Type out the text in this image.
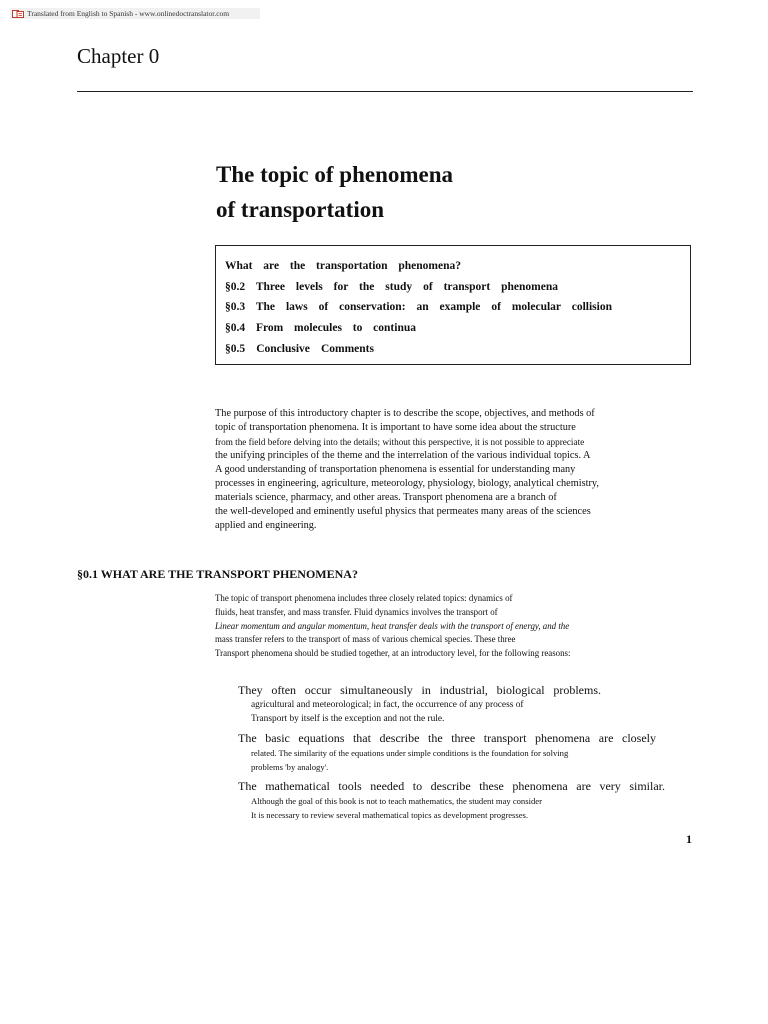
Translated from English to Spanish - www.onlinedoctranslator.com
Chapter 0
The topic of phenomena
of transportation
What are the transportation phenomena?
§0.2 Three levels for the study of transport phenomena
§0.3 The laws of conservation: an example of molecular collision
§0.4 From molecules to continua
§0.5 Conclusive Comments
The purpose of this introductory chapter is to describe the scope, objectives, and methods of
topic of transportation phenomena. It is important to have some idea about the structure
from the field before delving into the details; without this perspective, it is not possible to appreciate
the unifying principles of the theme and the interrelation of the various individual topics. A
A good understanding of transportation phenomena is essential for understanding many
processes in engineering, agriculture, meteorology, physiology, biology, analytical chemistry,
materials science, pharmacy, and other areas. Transport phenomena are a branch of
the well-developed and eminently useful physics that permeates many areas of the sciences
applied and engineering.
§0.1 WHAT ARE THE TRANSPORT PHENOMENA?
The topic of transport phenomena includes three closely related topics: dynamics of
fluids, heat transfer, and mass transfer. Fluid dynamics involves the transport of
Linear momentum and angular momentum, heat transfer deals with the transport of energy, and the
mass transfer refers to the transport of mass of various chemical species. These three
Transport phenomena should be studied together, at an introductory level, for the following reasons:
They often occur simultaneously in industrial, biological problems.
agricultural and meteorological; in fact, the occurrence of any process of
Transport by itself is the exception and not the rule.
The basic equations that describe the three transport phenomena are closely
related. The similarity of the equations under simple conditions is the foundation for solving
problems 'by analogy'.
The mathematical tools needed to describe these phenomena are very similar.
Although the goal of this book is not to teach mathematics, the student may consider
It is necessary to review several mathematical topics as development progresses.
1
